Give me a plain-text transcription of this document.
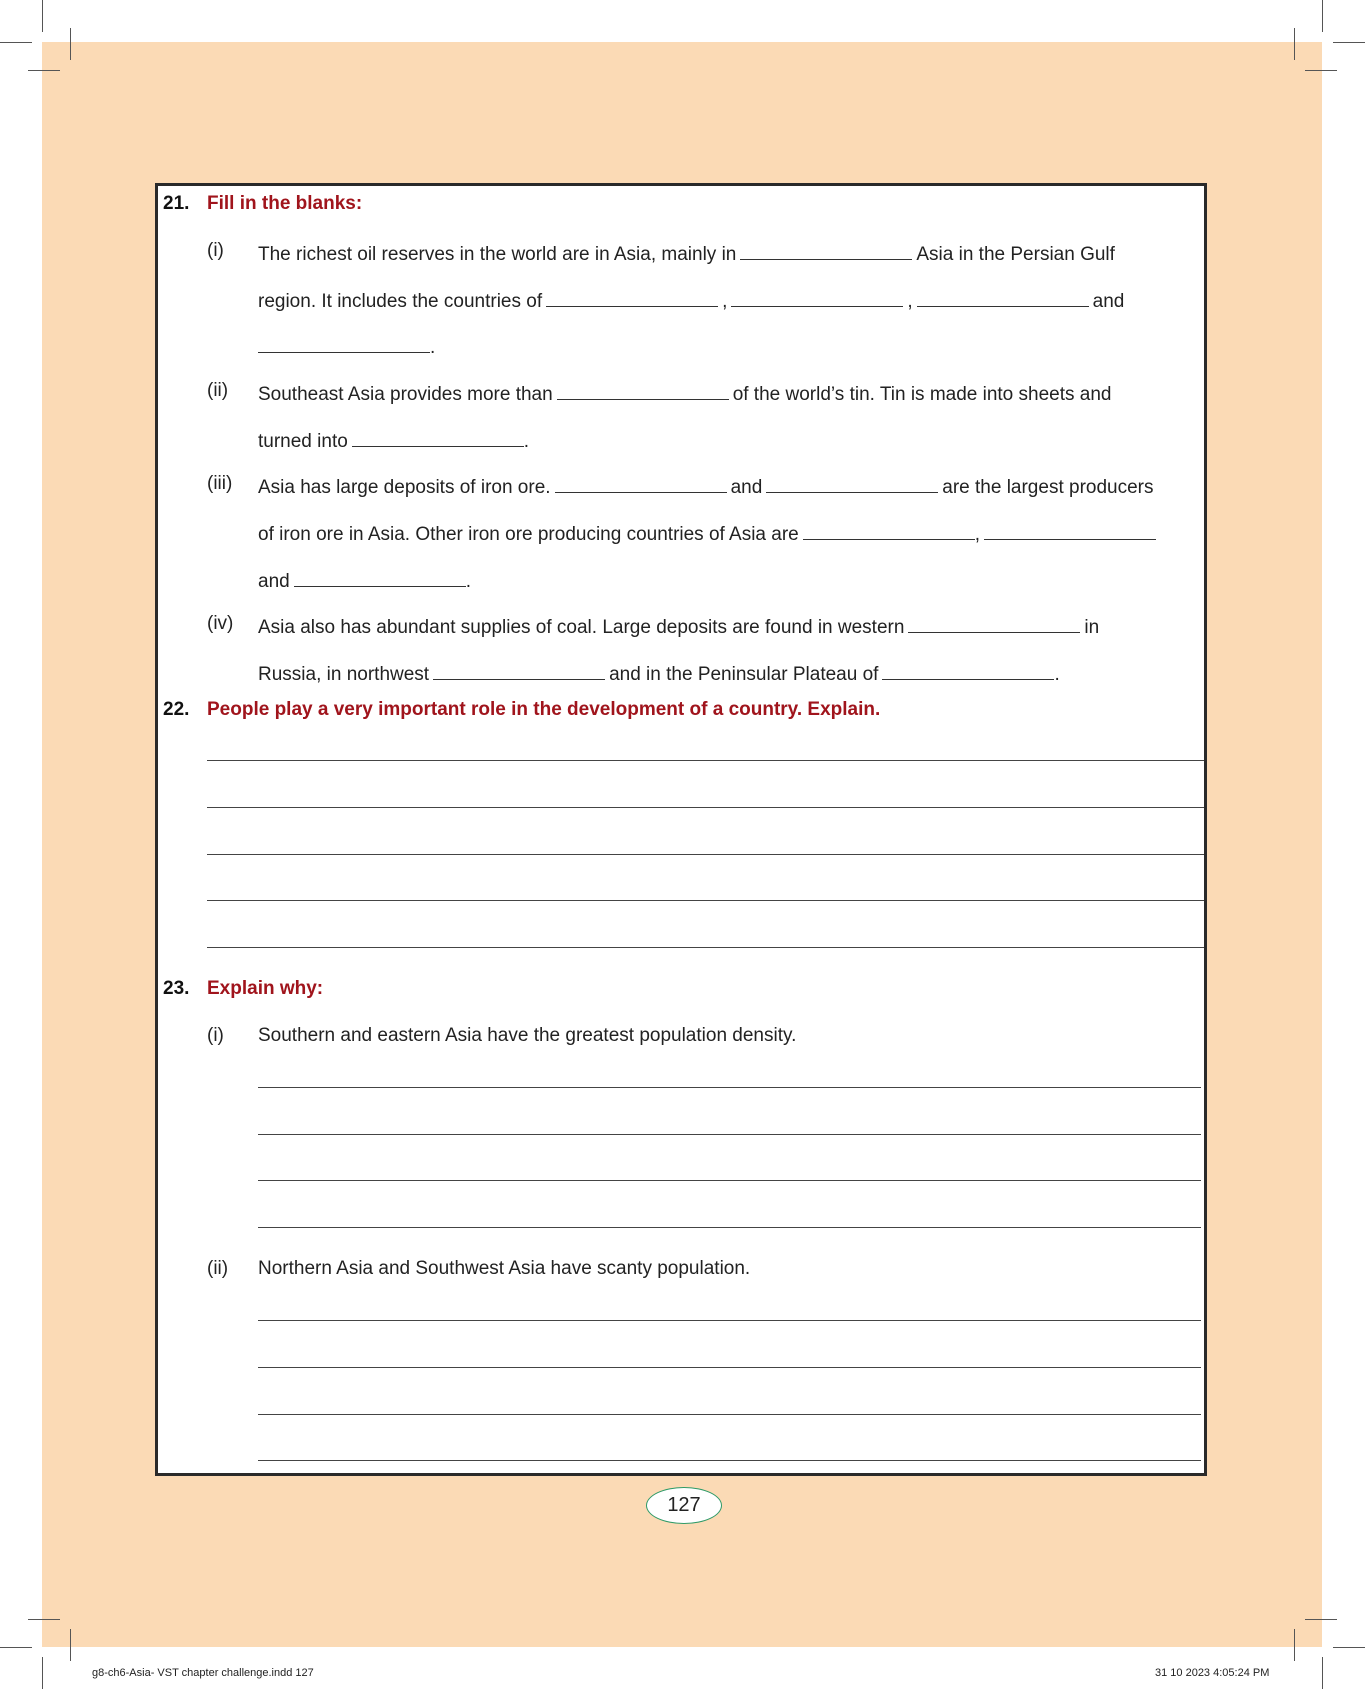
21. Fill in the blanks:
(i) The richest oil reserves in the world are in Asia, mainly in	Asia in the Persian Gulf
region. It includes the countries of	,	,	and
.
(ii) Southeast Asia provides more than	of the world’s tin. Tin is made into sheets and
turned into	.
(iii) Asia has large deposits of iron ore.	and	are the largest producers
of iron ore in Asia. Other iron ore producing countries of Asia are	,
and	.
(iv) Asia also has abundant supplies of coal. Large deposits are found in western	in
Russia, in northwest	and in the Peninsular Plateau of	.
22. People play a very important role in the development of a country. Explain.
23. Explain why:
(i) Southern and eastern Asia have the greatest population density.
(ii) Northern Asia and Southwest Asia have scanty population.
127
g8-ch6-Asia- VST chapter challenge.indd 127	31 10 2023 4:05:24 PM
